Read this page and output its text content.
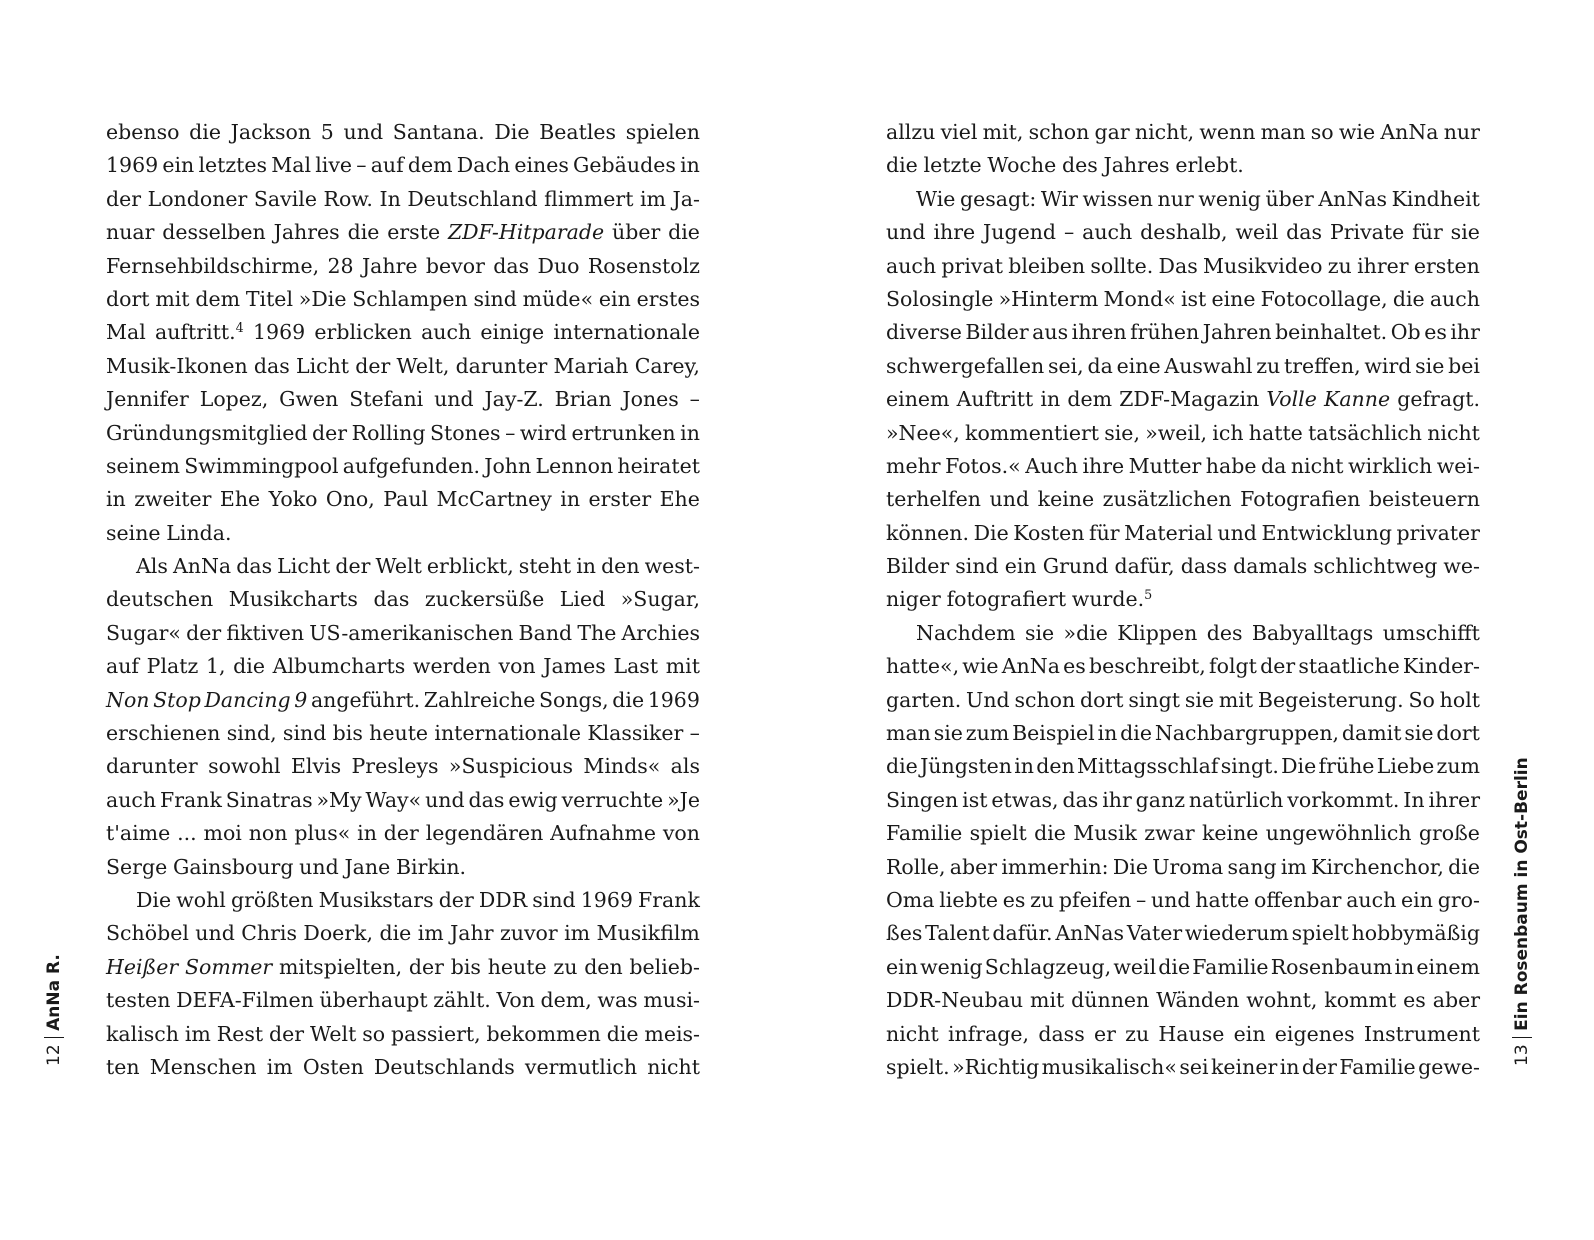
ebenso die Jackson 5 und Santana. Die Beatles spielen
1969 ein letztes Mal live – auf dem Dach eines Gebäudes in
der Londoner Savile Row. In Deutschland flimmert im Ja-
nuar desselben Jahres die erste ZDF-Hitparade über die
Fernsehbildschirme, 28 Jahre bevor das Duo Rosenstolz
dort mit dem Titel »Die Schlampen sind müde« ein erstes
Mal auftritt.$^4$ 1969 erblicken auch einige internationale
Musik-Ikonen das Licht der Welt, darunter Mariah Carey,
Jennifer Lopez, Gwen Stefani und Jay-Z. Brian Jones –
Gründungsmitglied der Rolling Stones – wird ertrunken in
seinem Swimmingpool aufgefunden. John Lennon heiratet
in zweiter Ehe Yoko Ono, Paul McCartney in erster Ehe
seine Linda.
Als AnNa das Licht der Welt erblickt, steht in den west-
deutschen Musikcharts das zuckersüße Lied »Sugar,
Sugar« der fiktiven US-amerikanischen Band The Archies
auf Platz 1, die Albumcharts werden von James Last mit
Non Stop Dancing 9 angeführt. Zahlreiche Songs, die 1969
erschienen sind, sind bis heute internationale Klassiker –
darunter sowohl Elvis Presleys »Suspicious Minds« als
auch Frank Sinatras »My Way« und das ewig verruchte »Je
t'aime ... moi non plus« in der legendären Aufnahme von
Serge Gainsbourg und Jane Birkin.
Die wohl größten Musikstars der DDR sind 1969 Frank
Schöbel und Chris Doerk, die im Jahr zuvor im Musikfilm
Heißer Sommer mitspielten, der bis heute zu den belieb-
testen DEFA-Filmen überhaupt zählt. Von dem, was musi-
kalisch im Rest der Welt so passiert, bekommen die meis-
ten Menschen im Osten Deutschlands vermutlich nicht
allzu viel mit, schon gar nicht, wenn man so wie AnNa nur
die letzte Woche des Jahres erlebt.
Wie gesagt: Wir wissen nur wenig über AnNas Kindheit
und ihre Jugend – auch deshalb, weil das Private für sie
auch privat bleiben sollte. Das Musikvideo zu ihrer ersten
Solosingle »Hinterm Mond« ist eine Fotocollage, die auch
diverse Bilder aus ihren frühen Jahren beinhaltet. Ob es ihr
schwergefallen sei, da eine Auswahl zu treffen, wird sie bei
einem Auftritt in dem ZDF-Magazin Volle Kanne gefragt.
»Nee«, kommentiert sie, »weil, ich hatte tatsächlich nicht
mehr Fotos.« Auch ihre Mutter habe da nicht wirklich wei-
terhelfen und keine zusätzlichen Fotografien beisteuern
können. Die Kosten für Material und Entwicklung privater
Bilder sind ein Grund dafür, dass damals schlichtweg we-
niger fotografiert wurde.$^5$
Nachdem sie »die Klippen des Babyalltags umschifft
hatte«, wie AnNa es beschreibt, folgt der staatliche Kinder-
garten. Und schon dort singt sie mit Begeisterung. So holt
man sie zum Beispiel in die Nachbargruppen, damit sie dort
die Jüngsten in den Mittagsschlaf singt. Die frühe Liebe zum
Singen ist etwas, das ihr ganz natürlich vorkommt. In ihrer
Familie spielt die Musik zwar keine ungewöhnlich große
Rolle, aber immerhin: Die Uroma sang im Kirchenchor, die
Oma liebte es zu pfeifen – und hatte offenbar auch ein gro-
ßes Talent dafür. AnNas Vater wiederum spielt hobbymäßig
ein wenig Schlagzeug, weil die Familie Rosenbaum in einem
DDR-Neubau mit dünnen Wänden wohnt, kommt es aber
nicht infrage, dass er zu Hause ein eigenes Instrument
spielt. »Richtig musikalisch« sei keiner in der Familie gewe-
12
AnNa R.
13
Ein Rosenbaum in Ost-Berlin
